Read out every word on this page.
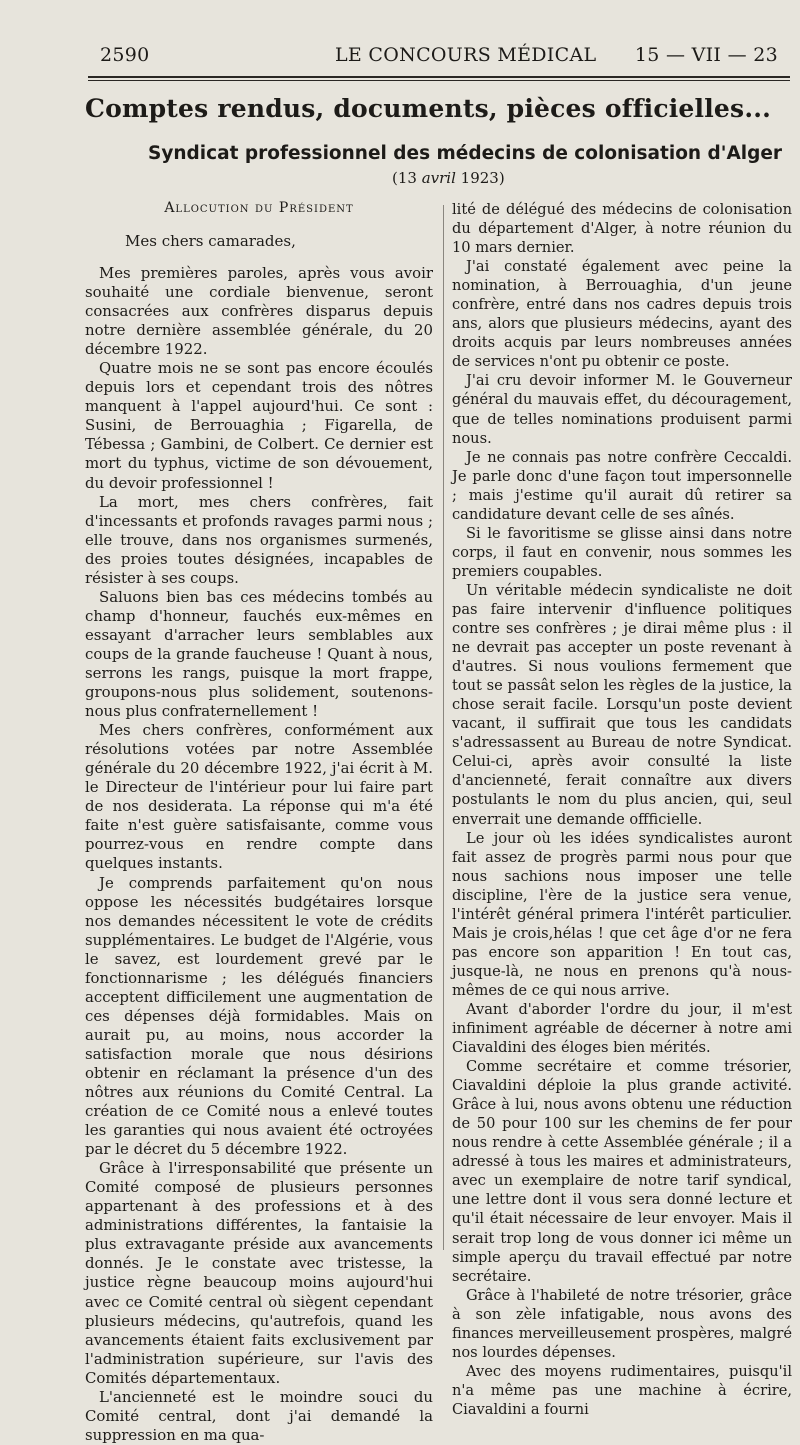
2590	LE CONCOURS MÉDICAL 15 — VII — 23
Comptes rendus, documents, pièces officielles...
Syndicat professionnel des médecins de colonisation d'Alger
(13 avril 1923)
Allocution du Président
Mes chers camarades,

Mes premières paroles, après vous avoir souhaité une cordiale bienvenue, seront consacrées aux confrères disparus depuis notre dernière assemblée générale, du 20 décembre 1922.

Quatre mois ne se sont pas encore écoulés depuis lors et cependant trois des nôtres manquent à l'appel aujourd'hui. Ce sont : Susini, de Berrouaghia ; Figarella, de Tébessa ; Gambini, de Colbert. Ce dernier est mort du typhus, victime de son dévouement, du devoir professionnel !

La mort, mes chers confrères, fait d'incessants et profonds ravages parmi nous ; elle trouve, dans nos organismes surmenés, des proies toutes désignées, incapables de résister à ses coups.

Saluons bien bas ces médecins tombés au champ d'honneur, fauchés eux-mêmes en essayant d'arracher leurs semblables aux coups de la grande faucheuse ! Quant à nous, serrons les rangs, puisque la mort frappe, groupons-nous plus solidement, soutenons-nous plus confraternellement !

Mes chers confrères, conformément aux résolutions votées par notre Assemblée générale du 20 décembre 1922, j'ai écrit à M. le Directeur de l'intérieur pour lui faire part de nos desiderata. La réponse qui m'a été faite n'est guère satisfaisante, comme vous pourrez-vous en rendre compte dans quelques instants.

Je comprends parfaitement qu'on nous oppose les nécessités budgétaires lorsque nos demandes nécessitent le vote de crédits supplémentaires. Le budget de l'Algérie, vous le savez, est lourdement grevé par le fonctionnarisme ; les délégués financiers acceptent difficilement une augmentation de ces dépenses déjà formidables. Mais on aurait pu, au moins, nous accorder la satisfaction morale que nous désirions obtenir en réclamant la présence d'un des nôtres aux réunions du Comité Central. La création de ce Comité nous a enlevé toutes les garanties qui nous avaient été octroyées par le décret du 5 décembre 1922.

Grâce à l'irresponsabilité que présente un Comité composé de plusieurs personnes appartenant à des professions et à des administrations différentes, la fantaisie la plus extravagante préside aux avancements donnés. Je le constate avec tristesse, la justice règne beaucoup moins aujourd'hui avec ce Comité central où siègent cependant plusieurs médecins, qu'autrefois, quand les avancements étaient faits exclusivement par l'administration supérieure, sur l'avis des Comités départementaux.

L'ancienneté est le moindre souci du Comité central, dont j'ai demandé la suppression en ma qua-

lité de délégué des médecins de colonisation du département d'Alger, à notre réunion du 10 mars dernier.

J'ai constaté également avec peine la nomination, à Berrouaghia, d'un jeune confrère, entré dans nos cadres depuis trois ans, alors que plusieurs médecins, ayant des droits acquis par leurs nombreuses années de services n'ont pu obtenir ce poste.

J'ai cru devoir informer M. le Gouverneur général du mauvais effet, du découragement, que de telles nominations produisent parmi nous.

Je ne connais pas notre confrère Ceccaldi. Je parle donc d'une façon tout impersonnelle ; mais j'estime qu'il aurait dû retirer sa candidature devant celle de ses aînés.

Si le favoritisme se glisse ainsi dans notre corps, il faut en convenir, nous sommes les premiers coupables.

Un véritable médecin syndicaliste ne doit pas faire intervenir d'influence politiques contre ses confrères ; je dirai même plus : il ne devrait pas accepter un poste revenant à d'autres. Si nous voulions fermement que tout se passât selon les règles de la justice, la chose serait facile. Lorsqu'un poste devient vacant, il suffirait que tous les candidats s'adressassent au Bureau de notre Syndicat. Celui-ci, après avoir consulté la liste d'ancienneté, ferait connaître aux divers postulants le nom du plus ancien, qui, seul enverrait une demande offficielle.

Le jour où les idées syndicalistes auront fait assez de progrès parmi nous pour que nous sachions nous imposer une telle discipline, l'ère de la justice sera venue, l'intérêt général primera l'intérêt particulier. Mais je crois,hélas ! que cet âge d'or ne fera pas encore son apparition ! En tout cas, jusque-là, ne nous en prenons qu'à nous-mêmes de ce qui nous arrive.

Avant d'aborder l'ordre du jour, il m'est infiniment agréable de décerner à notre ami Ciavaldini des éloges bien mérités.

Comme secrétaire et comme trésorier, Ciavaldini déploie la plus grande activité. Grâce à lui, nous avons obtenu une réduction de 50 pour 100 sur les chemins de fer pour nous rendre à cette Assemblée générale ; il a adressé à tous les maires et administrateurs, avec un exemplaire de notre tarif syndical, une lettre dont il vous sera donné lecture et qu'il était nécessaire de leur envoyer. Mais il serait trop long de vous donner ici même un simple aperçu du travail effectué par notre secrétaire.

Grâce à l'habileté de notre trésorier, grâce à son zèle infatigable, nous avons des finances merveilleusement prospères, malgré nos lourdes dépenses.

Avec des moyens rudimentaires, puisqu'il n'a même pas une machine à écrire, Ciavaldini a fourni
